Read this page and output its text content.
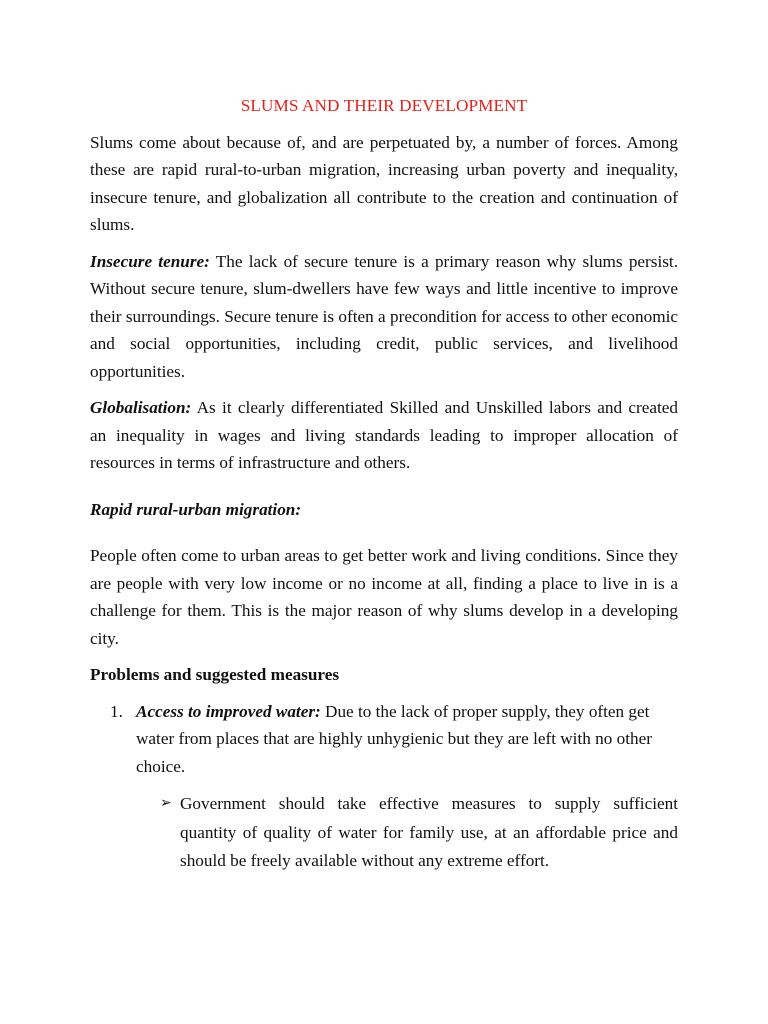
SLUMS AND THEIR DEVELOPMENT
Slums come about because of, and are perpetuated by, a number of forces. Among these are rapid rural-to-urban migration, increasing urban poverty and inequality, insecure tenure, and globalization all contribute to the creation and continuation of slums.
Insecure tenure: The lack of secure tenure is a primary reason why slums persist. Without secure tenure, slum-dwellers have few ways and little incentive to improve their surroundings. Secure tenure is often a precondition for access to other economic and social opportunities, including credit, public services, and livelihood opportunities.
Globalisation: As it clearly differentiated Skilled and Unskilled labors and created an inequality in wages and living standards leading to improper allocation of resources in terms of infrastructure and others.
Rapid rural-urban migration:
People often come to urban areas to get better work and living conditions. Since they are people with very low income or no income at all, finding a place to live in is a challenge for them. This is the major reason of why slums develop in a developing city.
Problems and suggested measures
1. Access to improved water: Due to the lack of proper supply, they often get water from places that are highly unhygienic but they are left with no other choice.
➢ Government should take effective measures to supply sufficient quantity of quality of water for family use, at an affordable price and should be freely available without any extreme effort.
